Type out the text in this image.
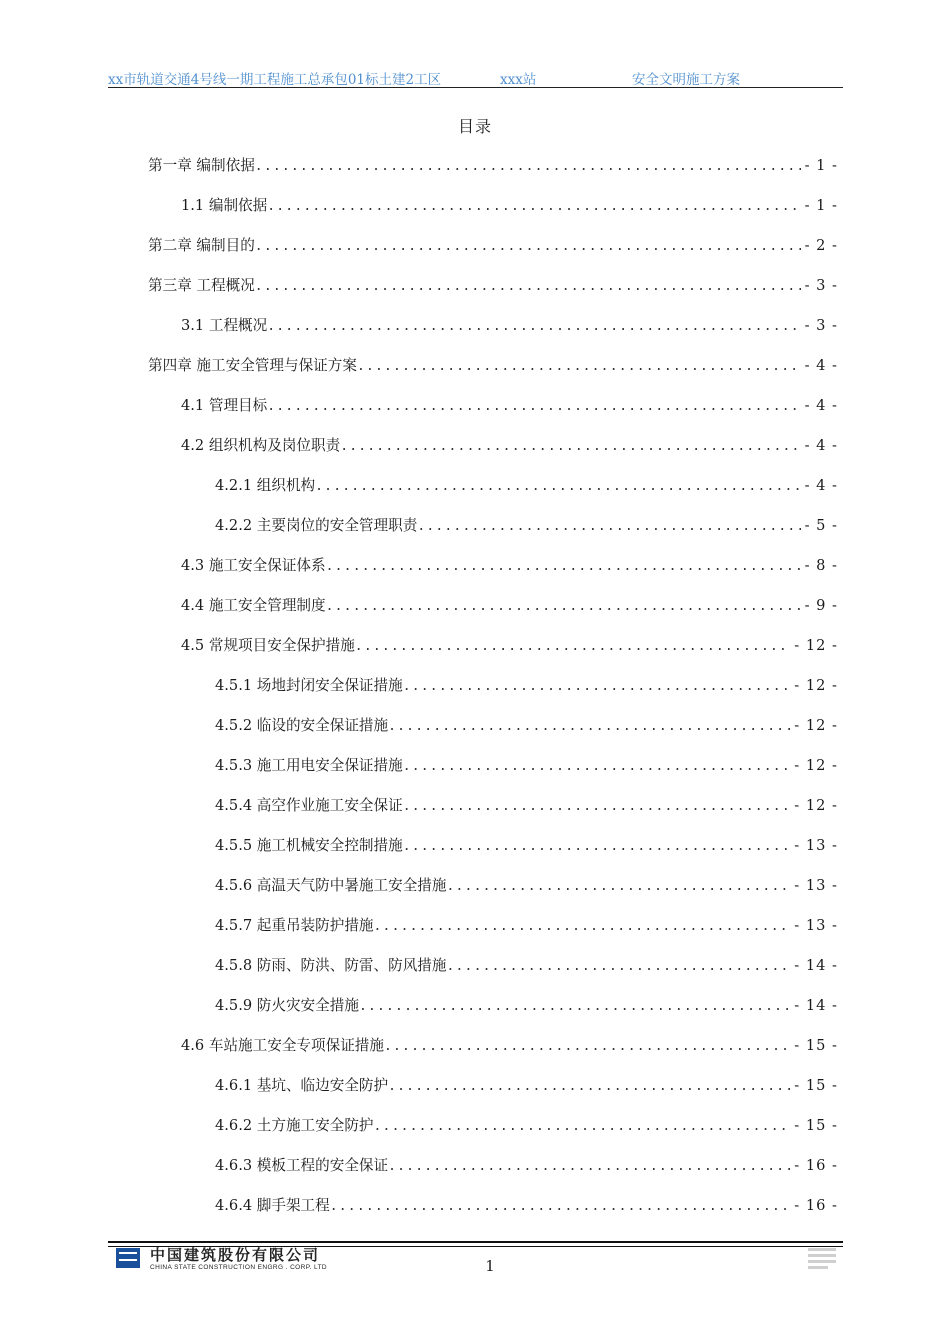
xx市轨道交通4号线一期工程施工总承包01标土建2工区	xxx站	安全文明施工方案
目录
第一章 编制依据 .....	- 1 -
1.1 编制依据 .....	- 1 -
第二章 编制目的 .....	- 2 -
第三章 工程概况 .....	- 3 -
3.1 工程概况 .....	- 3 -
第四章 施工安全管理与保证方案 .....	- 4 -
4.1 管理目标 .....	- 4 -
4.2 组织机构及岗位职责 .....	- 4 -
4.2.1 组织机构 .....	- 4 -
4.2.2 主要岗位的安全管理职责 .....	- 5 -
4.3 施工安全保证体系 .....	- 8 -
4.4 施工安全管理制度 .....	- 9 -
4.5 常规项目安全保护措施 .....	- 12 -
4.5.1 场地封闭安全保证措施 .....	- 12 -
4.5.2 临设的安全保证措施 .....	- 12 -
4.5.3 施工用电安全保证措施 .....	- 12 -
4.5.4 高空作业施工安全保证 .....	- 12 -
4.5.5 施工机械安全控制措施 .....	- 13 -
4.5.6 高温天气防中暑施工安全措施 .....	- 13 -
4.5.7 起重吊装防护措施 .....	- 13 -
4.5.8 防雨、防洪、防雷、防风措施 .....	- 14 -
4.5.9 防火灾安全措施 .....	- 14 -
4.6 车站施工安全专项保证措施 .....	- 15 -
4.6.1 基坑、临边安全防护 .....	- 15 -
4.6.2 土方施工安全防护 .....	- 15 -
4.6.3 模板工程的安全保证 .....	- 16 -
4.6.4 脚手架工程 .....	- 16 -
中国建筑股份有限公司
CHINA STATE CONSTRUCTION ENGRG . CORP. LTD	1
